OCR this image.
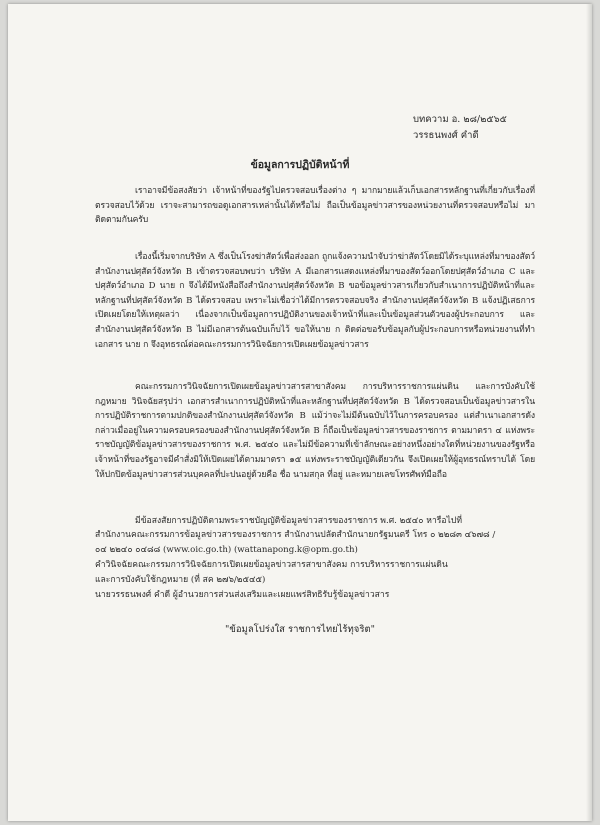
บทความ อ. ๒๘/๒๕๖๕
วรรธนพงศ์ คำดี
ข้อมูลการปฏิบัติหน้าที่
เราอาจมีข้อสงสัยว่า เจ้าหน้าที่ของรัฐไปตรวจสอบเรื่องต่าง ๆ มากมายแล้วเก็บเอกสารหลักฐานที่เกี่ยวกับเรื่องที่ตรวจสอบไว้ด้วย เราจะสามารถขอดูเอกสารเหล่านั้นได้หรือไม่ ถือเป็นข้อมูลข่าวสารของหน่วยงานที่ตรวจสอบหรือไม่ มาติดตามกันครับ
เรื่องนี้เริ่มจากบริษัท A ซึ่งเป็นโรงฆ่าสัตว์เพื่อส่งออก ถูกแจ้งความนำจับว่าฆ่าสัตว์โดยมิได้ระบุแหล่งที่มาของสัตว์ สำนักงานปศุสัตว์จังหวัด B เข้าตรวจสอบพบว่า บริษัท A มีเอกสารแสดงแหล่งที่มาของสัตว์ออกโดยปศุสัตว์อำเภอ C และปศุสัตว์อำเภอ D นาย ก จึงได้มีหนังสือถึงสำนักงานปศุสัตว์จังหวัด B ขอข้อมูลข่าวสารเกี่ยวกับสำเนาการปฏิบัติหน้าที่และหลักฐานที่ปศุสัตว์จังหวัด B ได้ตรวจสอบ เพราะไม่เชื่อว่าได้มีการตรวจสอบจริง สำนักงานปศุสัตว์จังหวัด B แจ้งปฏิเสธการเปิดเผยโดยให้เหตุผลว่า เนื่องจากเป็นข้อมูลการปฏิบัติงานของเจ้าหน้าที่และเป็นข้อมูลส่วนตัวของผู้ประกอบการ และสำนักงานปศุสัตว์จังหวัด B ไม่มีเอกสารต้นฉบับเก็บไว้ ขอให้นาย ก ติดต่อขอรับข้อมูลกับผู้ประกอบการหรือหน่วยงานที่ทำเอกสาร นาย ก จึงอุทธรณ์ต่อคณะกรรมการวินิจฉัยการเปิดเผยข้อมูลข่าวสาร
คณะกรรมการวินิจฉัยการเปิดเผยข้อมูลข่าวสารสาขาสังคม การบริหารราชการแผ่นดิน และการบังคับใช้กฎหมาย วินิจฉัยสรุปว่า เอกสารสำเนาการปฏิบัติหน้าที่และหลักฐานที่ปศุสัตว์จังหวัด B ได้ตรวจสอบเป็นข้อมูลข่าวสารในการปฏิบัติราชการตามปกติของสำนักงานปศุสัตว์จังหวัด B แม้ว่าจะไม่มีต้นฉบับไว้ในการครอบครอง แต่สำเนาเอกสารดังกล่าวเมื่ออยู่ในความครอบครองของสำนักงานปศุสัตว์จังหวัด B ก็ถือเป็นข้อมูลข่าวสารของราชการ ตามมาตรา ๔ แห่งพระราชบัญญัติข้อมูลข่าวสารของราชการ พ.ศ. ๒๕๔๐ และไม่มีข้อความที่เข้าลักษณะอย่างหนึ่งอย่างใดที่หน่วยงานของรัฐหรือเจ้าหน้าที่ของรัฐอาจมีคำสั่งมิให้เปิดเผยได้ตามมาตรา ๑๕ แห่งพระราชบัญญัติเดียวกัน จึงเปิดเผยให้ผู้อุทธรณ์ทราบได้ โดยให้ปกปิดข้อมูลข่าวสารส่วนบุคคลที่ปะปนอยู่ด้วยคือ ชื่อ นามสกุล ที่อยู่ และหมายเลขโทรศัพท์มือถือ
มีข้อสงสัยการปฏิบัติตามพระราชบัญญัติข้อมูลข่าวสารของราชการ พ.ศ. ๒๕๔๐ หารือไปที่
สำนักงานคณะกรรมการข้อมูลข่าวสารของราชการ สำนักงานปลัดสำนักนายกรัฐมนตรี โทร ๐ ๒๒๘๓ ๔๖๗๘ /
๐๔ ๒๒๔๐ ๐๔๘๘ (www.oic.go.th) (wattanapong.k@opm.go.th)
คำวินิจฉัยคณะกรรมการวินิจฉัยการเปิดเผยข้อมูลข่าวสารสาขาสังคม การบริหารราชการแผ่นดิน
และการบังคับใช้กฎหมาย (ที่ สค ๒๗๖/๒๕๔๕)
นายวรรธนพงศ์ คำดี ผู้อำนวยการส่วนส่งเสริมและเผยแพร่สิทธิรับรู้ข้อมูลข่าวสาร
"ข้อมูลโปร่งใส ราชการไทยไร้ทุจริต"
